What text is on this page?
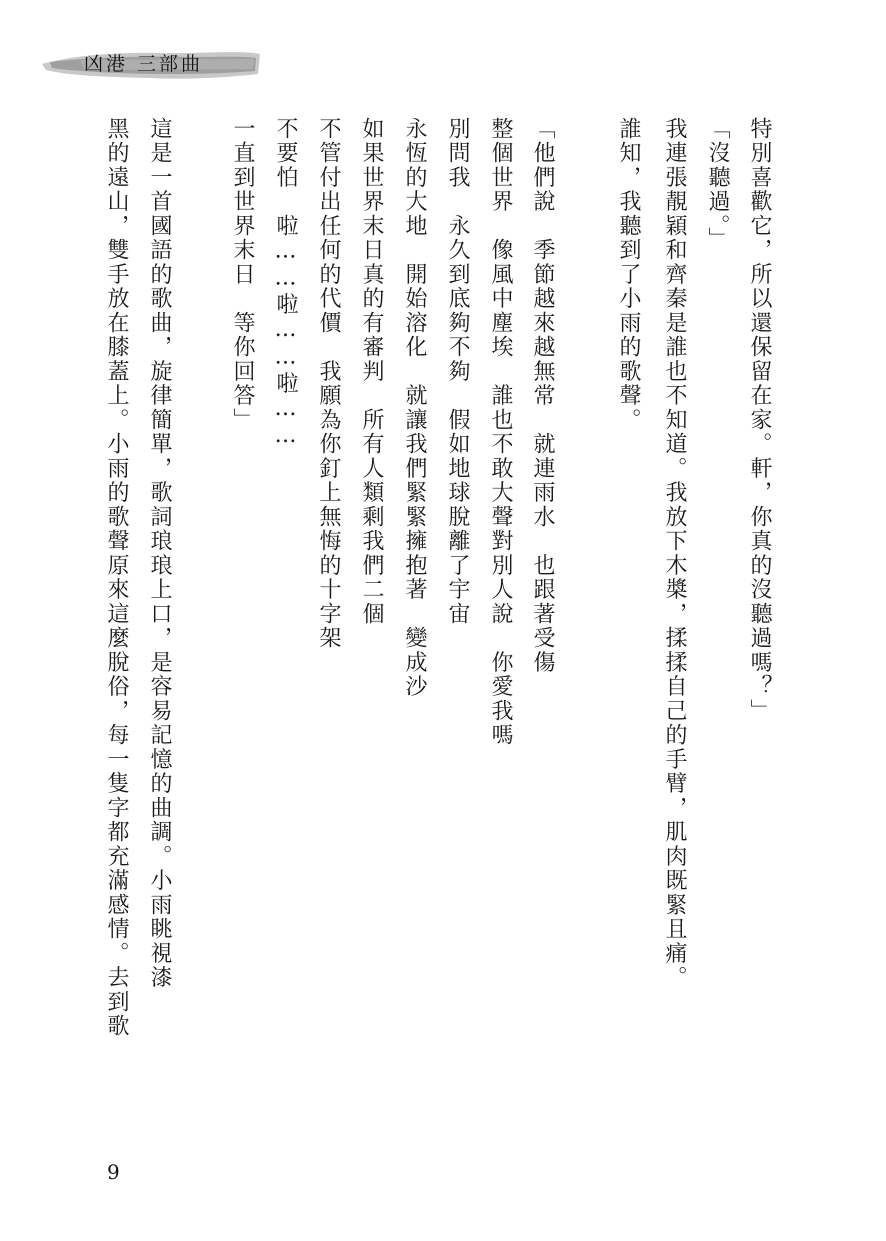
凶港 三部曲
特別喜歡它，所以還保留在家。軒，你真的沒聽過嗎？」
「沒聽過。」
我連張靚穎和齊秦是誰也不知道。我放下木槳，揉揉自己的手臂，肌肉既緊且痛。
誰知，我聽到了小雨的歌聲。
「他們說　季節越來越無常　就連雨水　也跟著受傷
整個世界　像風中塵埃　誰也不敢大聲對別人說　你愛我嗎
別問我　永久到底夠不夠　假如地球脫離了宇宙
永恆的大地　開始溶化　就讓我們緊緊擁抱著　變成沙
如果世界末日真的有審判　所有人類剩我們二個
不管付出任何的代價　我願為你釘上無悔的十字架
不要怕　啦……啦……啦……
一直到世界末日　等你回答」
這是一首國語的歌曲，旋律簡單，歌詞琅琅上口，是容易記憶的曲調。小雨眺視漆
黑的遠山，雙手放在膝蓋上。小雨的歌聲原來這麼脫俗，每一隻字都充滿感情。去到歌
9
